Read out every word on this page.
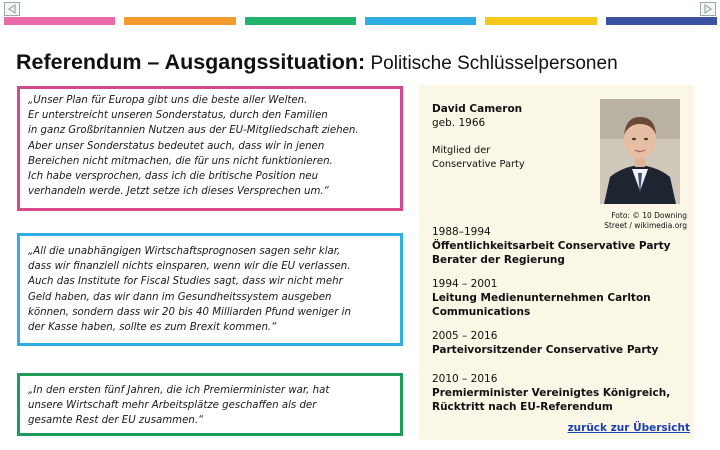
Referendum – Ausgangssituation: Politische Schlüsselpersonen
„Unser Plan für Europa gibt uns die beste aller Welten.
Er unterstreicht unseren Sonderstatus, durch den Familien
in ganz Großbritannien Nutzen aus der EU-Mitgliedschaft ziehen.
Aber unser Sonderstatus bedeutet auch, dass wir in jenen
Bereichen nicht mitmachen, die für uns nicht funktionieren.
Ich habe versprochen, dass ich die britische Position neu
verhandeln werde. Jetzt setze ich dieses Versprechen um.“
„All die unabhängigen Wirtschaftsprognosen sagen sehr klar,
dass wir finanziell nichts einsparen, wenn wir die EU verlassen.
Auch das Institute for Fiscal Studies sagt, dass wir nicht mehr
Geld haben, das wir dann im Gesundheitssystem ausgeben
können, sondern dass wir 20 bis 40 Milliarden Pfund weniger in
der Kasse haben, sollte es zum Brexit kommen.“
„In den ersten fünf Jahren, die ich Premierminister war, hat
unsere Wirtschaft mehr Arbeitsplätze geschaffen als der
gesamte Rest der EU zusammen.“
David Cameron
geb. 1966
Mitglied der
Conservative Party
Foto: © 10 Downing
Street / wikimedia.org
1988–1994
Öffentlichkeitsarbeit Conservative Party
Berater der Regierung
1994 – 2001
Leitung Medienunternehmen Carlton
Communications
2005 – 2016
Parteivorsitzender Conservative Party
2010 – 2016
Premierminister Vereinigtes Königreich,
Rücktritt nach EU-Referendum
zurück zur Übersicht
